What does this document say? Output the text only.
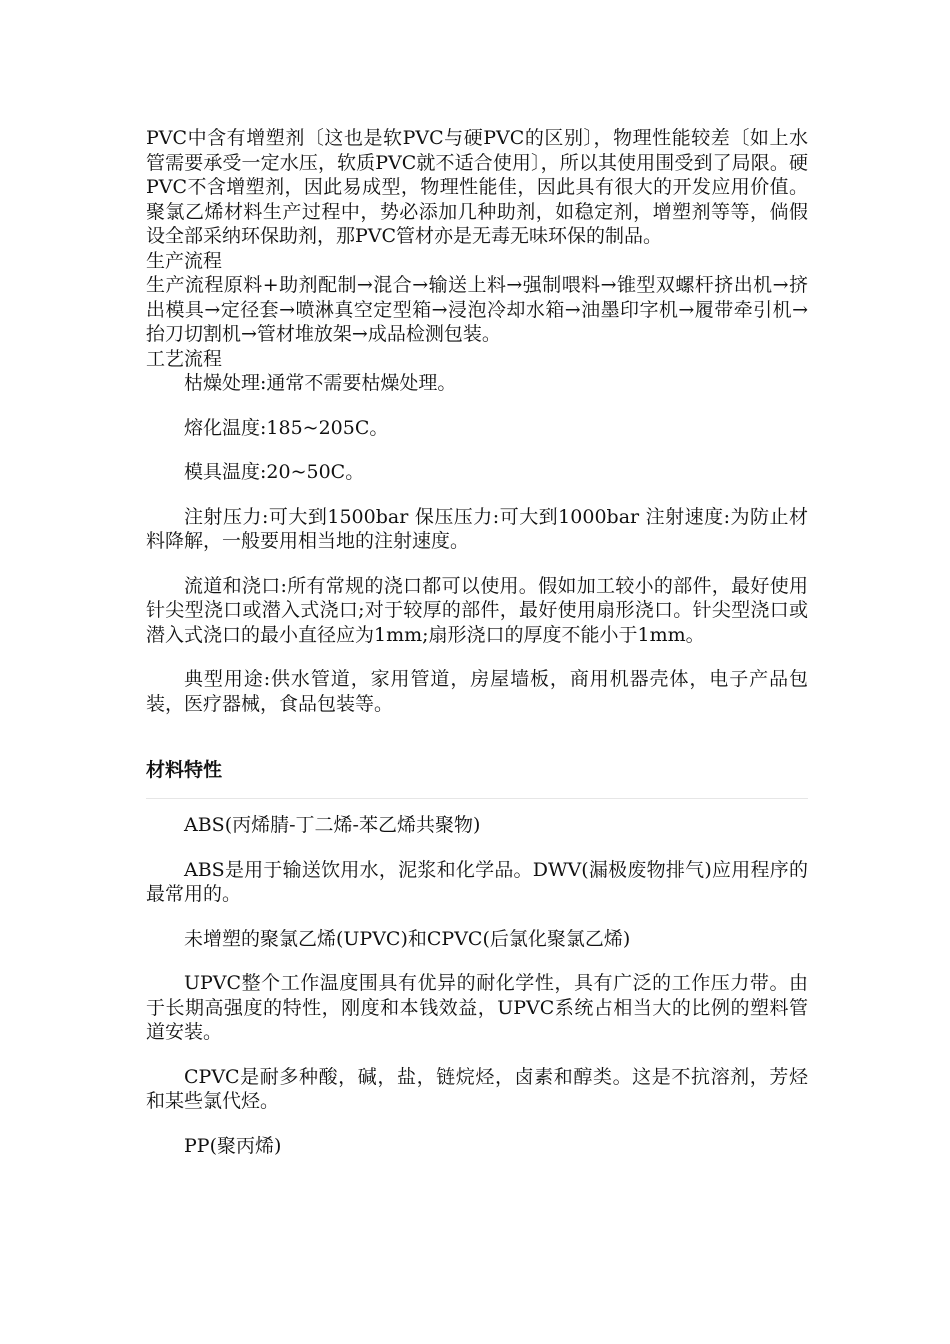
PVC中含有增塑剂〔这也是软PVC与硬PVC的区别〕，物理性能较差〔如上水管需要承受一定水压，软质PVC就不适合使用〕，所以其使用围受到了局限。硬PVC不含增塑剂，因此易成型，物理性能佳，因此具有很大的开发应用价值。聚氯乙烯材料生产过程中，势必添加几种助剂，如稳定剂，增塑剂等等，倘假设全部采纳环保助剂，那PVC管材亦是无毒无味环保的制品。

生产流程

生产流程原料+助剂配制→混合→输送上料→强制喂料→锥型双螺杆挤出机→挤出模具→定径套→喷淋真空定型箱→浸泡冷却水箱→油墨印字机→履带牵引机→抬刀切割机→管材堆放架→成品检测包装。

工艺流程

枯燥处理:通常不需要枯燥处理。

熔化温度:185~205C。

模具温度:20~50C。

注射压力:可大到1500bar 保压压力:可大到1000bar 注射速度:为防止材料降解，一般要用相当地的注射速度。

流道和浇口:所有常规的浇口都可以使用。假如加工较小的部件，最好使用针尖型浇口或潜入式浇口;对于较厚的部件，最好使用扇形浇口。针尖型浇口或潜入式浇口的最小直径应为1mm;扇形浇口的厚度不能小于1mm。

典型用途:供水管道，家用管道，房屋墙板，商用机器壳体，电子产品包装，医疗器械，食品包装等。

材料特性

ABS(丙烯腈-丁二烯-苯乙烯共聚物)

ABS是用于输送饮用水，泥浆和化学品。DWV(漏极废物排气)应用程序的最常用的。

未增塑的聚氯乙烯(UPVC)和CPVC(后氯化聚氯乙烯)

UPVC整个工作温度围具有优异的耐化学性，具有广泛的工作压力带。由于长期高强度的特性，刚度和本钱效益，UPVC系统占相当大的比例的塑料管道安装。

CPVC是耐多种酸，碱，盐，链烷烃，卤素和醇类。这是不抗溶剂，芳烃和某些氯代烃。

PP(聚丙烯)
